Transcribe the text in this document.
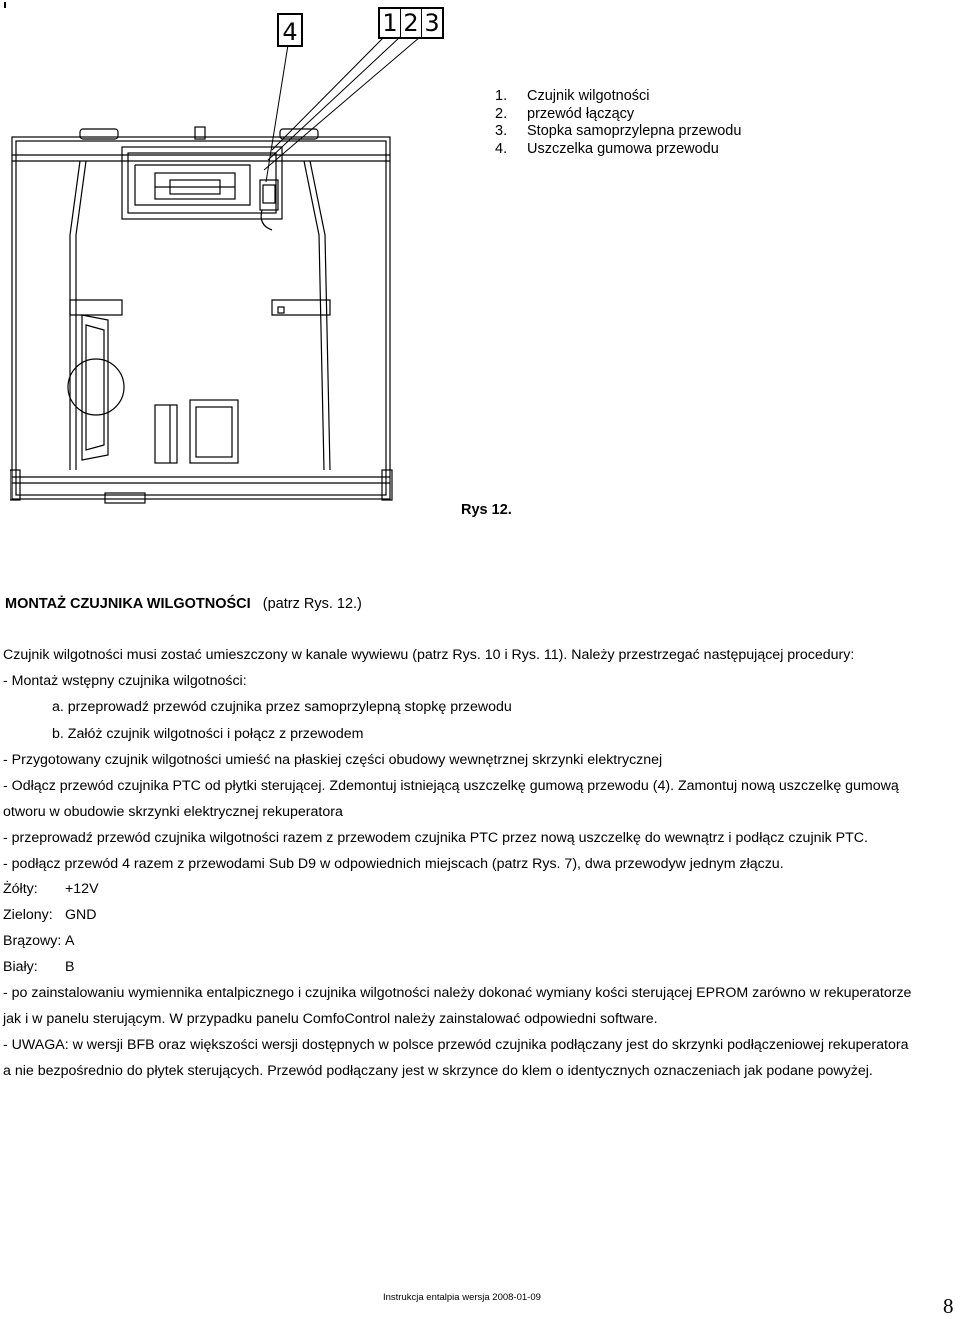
4	1 2 3
1.	Czujnik wilgotności
2.	przewód łączący
3.	Stopka samoprzylepna przewodu
4.	Uszczelka gumowa przewodu
Rys 12.
MONTAŻ CZUJNIKA WILGOTNOŚCI (patrz Rys. 12.)
Czujnik wilgotności musi zostać umieszczony w kanale wywiewu (patrz Rys. 10 i Rys. 11). Należy przestrzegać następującej procedury:
- Montaż wstępny czujnika wilgotności:
a. przeprowadź przewód czujnika przez samoprzylepną stopkę przewodu
b. Załóż czujnik wilgotności i połącz z przewodem
- Przygotowany czujnik wilgotności umieść na płaskiej części obudowy wewnętrznej skrzynki elektrycznej
- Odłącz przewód czujnika PTC od płytki sterującej. Zdemontuj istniejącą uszczelkę gumową przewodu (4). Zamontuj nową uszczelkę gumową
otworu w obudowie skrzynki elektrycznej rekuperatora
- przeprowadź przewód czujnika wilgotności razem z przewodem czujnika PTC przez nową uszczelkę do wewnątrz i podłącz czujnik PTC.
- podłącz przewód 4 razem z przewodami Sub D9 w odpowiednich miejscach (patrz Rys. 7), dwa przewodyw jednym złączu.
Żółty: +12V
Zielony: GND
Brązowy: A
Biały: B
- po zainstalowaniu wymiennika entalpicznego i czujnika wilgotności należy dokonać wymiany kości sterującej EPROM zarówno w rekuperatorze
jak i w panelu sterującym. W przypadku panelu ComfoControl należy zainstalować odpowiedni software.
- UWAGA: w wersji BFB oraz większości wersji dostępnych w polsce przewód czujnika podłączany jest do skrzynki podłączeniowej rekuperatora
a nie bezpośrednio do płytek sterujących. Przewód podłączany jest w skrzynce do klem o identycznych oznaczeniach jak podane powyżej.
Instrukcja entalpia wersja 2008-01-09	8
